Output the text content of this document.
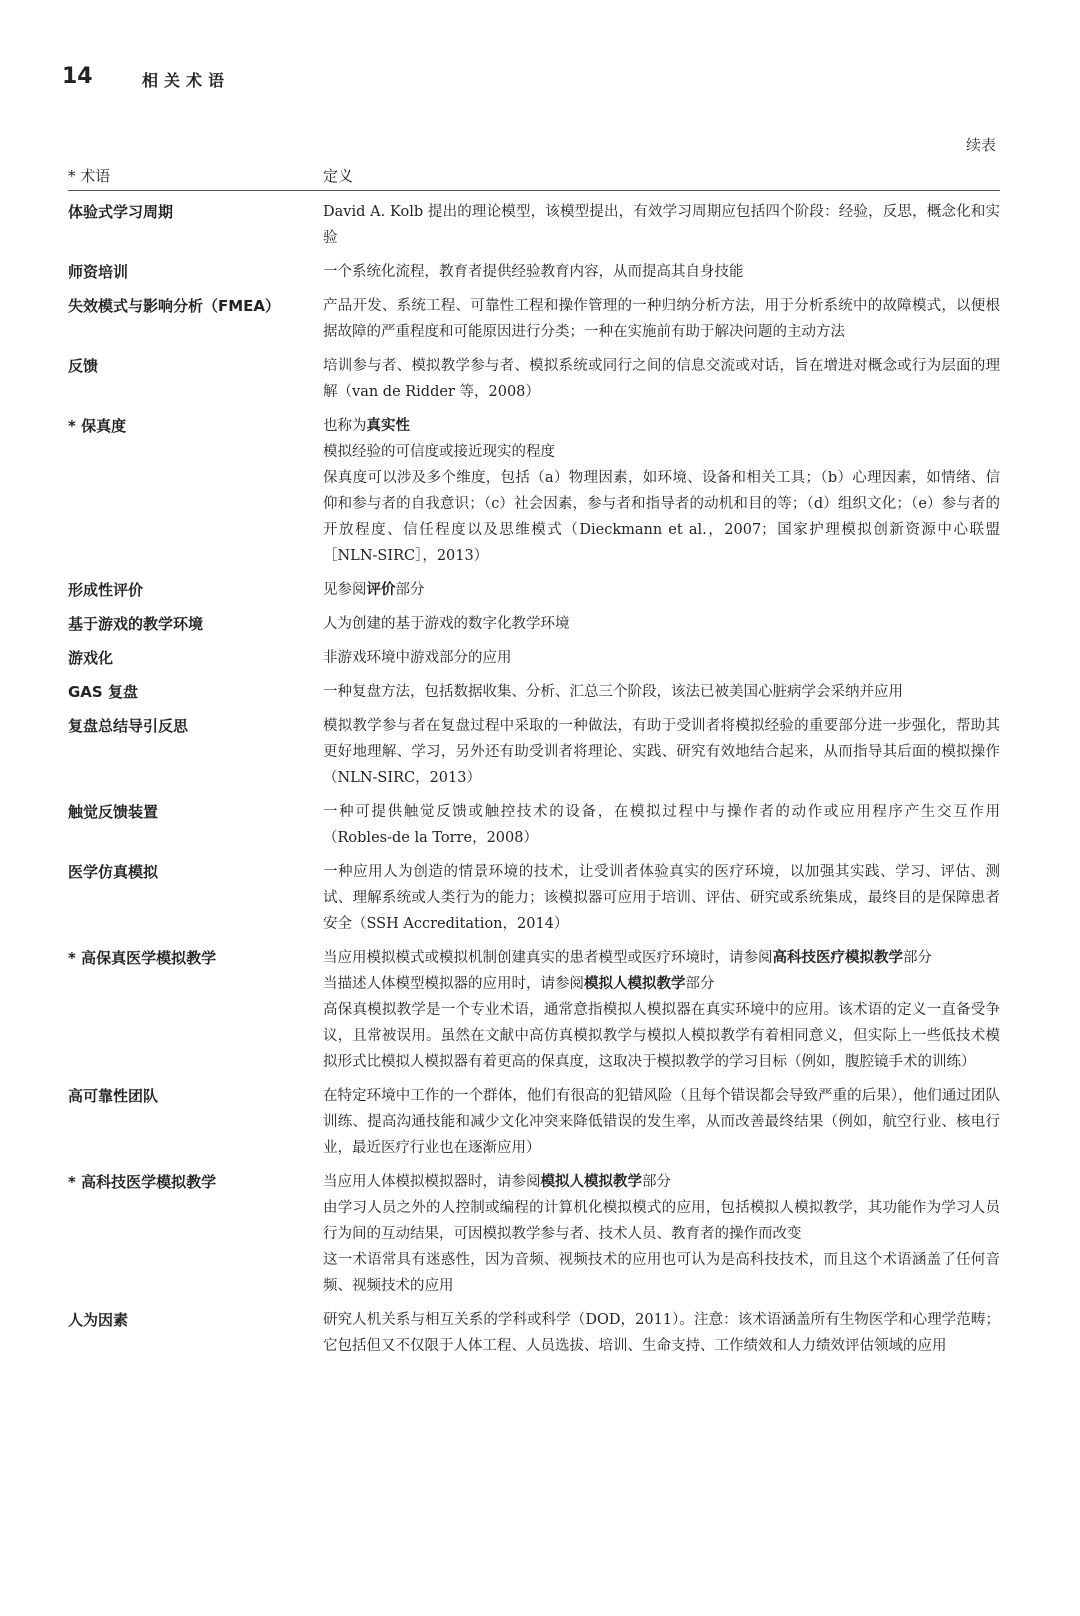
14	相关术语
续表
* 术语	定义
体验式学习周期	David A. Kolb 提出的理论模型，该模型提出，有效学习周期应包括四个阶段：经验，反思，概念化和实验

师资培训	一个系统化流程，教育者提供经验教育内容，从而提高其自身技能

失效模式与影响分析（FMEA）	产品开发、系统工程、可靠性工程和操作管理的一种归纳分析方法，用于分析系统中的故障模式，以便根据故障的严重程度和可能原因进行分类；一种在实施前有助于解决问题的主动方法

反馈	培训参与者、模拟教学参与者、模拟系统或同行之间的信息交流或对话，旨在增进对概念或行为层面的理解（van de Ridder 等，2008）

* 保真度	也称为真实性

模拟经验的可信度或接近现实的程度

保真度可以涉及多个维度，包括（a）物理因素，如环境、设备和相关工具；（b）心理因素，如情绪、信仰和参与者的自我意识；（c）社会因素，参与者和指导者的动机和目的等；（d）组织文化；（e）参与者的开放程度、信任程度以及思维模式（Dieckmann et al.，2007；国家护理模拟创新资源中心联盟［NLN-SIRC］，2013）

形成性评价	见参阅评价部分

基于游戏的教学环境	人为创建的基于游戏的数字化教学环境

游戏化	非游戏环境中游戏部分的应用

GAS 复盘	一种复盘方法，包括数据收集、分析、汇总三个阶段，该法已被美国心脏病学会采纳并应用

复盘总结导引反思	模拟教学参与者在复盘过程中采取的一种做法，有助于受训者将模拟经验的重要部分进一步强化，帮助其更好地理解、学习，另外还有助受训者将理论、实践、研究有效地结合起来，从而指导其后面的模拟操作（NLN-SIRC，2013）

触觉反馈装置	一种可提供触觉反馈或触控技术的设备，在模拟过程中与操作者的动作或应用程序产生交互作用（Robles-de la Torre，2008）

医学仿真模拟	一种应用人为创造的情景环境的技术，让受训者体验真实的医疗环境，以加强其实践、学习、评估、测试、理解系统或人类行为的能力；该模拟器可应用于培训、评估、研究或系统集成，最终目的是保障患者安全（SSH Accreditation，2014）

* 高保真医学模拟教学	当应用模拟模式或模拟机制创建真实的患者模型或医疗环境时，请参阅高科技医疗模拟教学部分

当描述人体模型模拟器的应用时，请参阅模拟人模拟教学部分

高保真模拟教学是一个专业术语，通常意指模拟人模拟器在真实环境中的应用。该术语的定义一直备受争议，且常被误用。虽然在文献中高仿真模拟教学与模拟人模拟教学有着相同意义，但实际上一些低技术模拟形式比模拟人模拟器有着更高的保真度，这取决于模拟教学的学习目标（例如，腹腔镜手术的训练）

高可靠性团队	在特定环境中工作的一个群体，他们有很高的犯错风险（且每个错误都会导致严重的后果），他们通过团队训练、提高沟通技能和减少文化冲突来降低错误的发生率，从而改善最终结果（例如，航空行业、核电行业，最近医疗行业也在逐渐应用）

* 高科技医学模拟教学	当应用人体模拟模拟器时，请参阅模拟人模拟教学部分

由学习人员之外的人控制或编程的计算机化模拟模式的应用，包括模拟人模拟教学，其功能作为学习人员行为间的互动结果，可因模拟教学参与者、技术人员、教育者的操作而改变

这一术语常具有迷惑性，因为音频、视频技术的应用也可认为是高科技技术，而且这个术语涵盖了任何音频、视频技术的应用

人为因素	研究人机关系与相互关系的学科或科学（DOD，2011）。注意：该术语涵盖所有生物医学和心理学范畴；它包括但又不仅限于人体工程、人员选拔、培训、生命支持、工作绩效和人力绩效评估领域的应用
